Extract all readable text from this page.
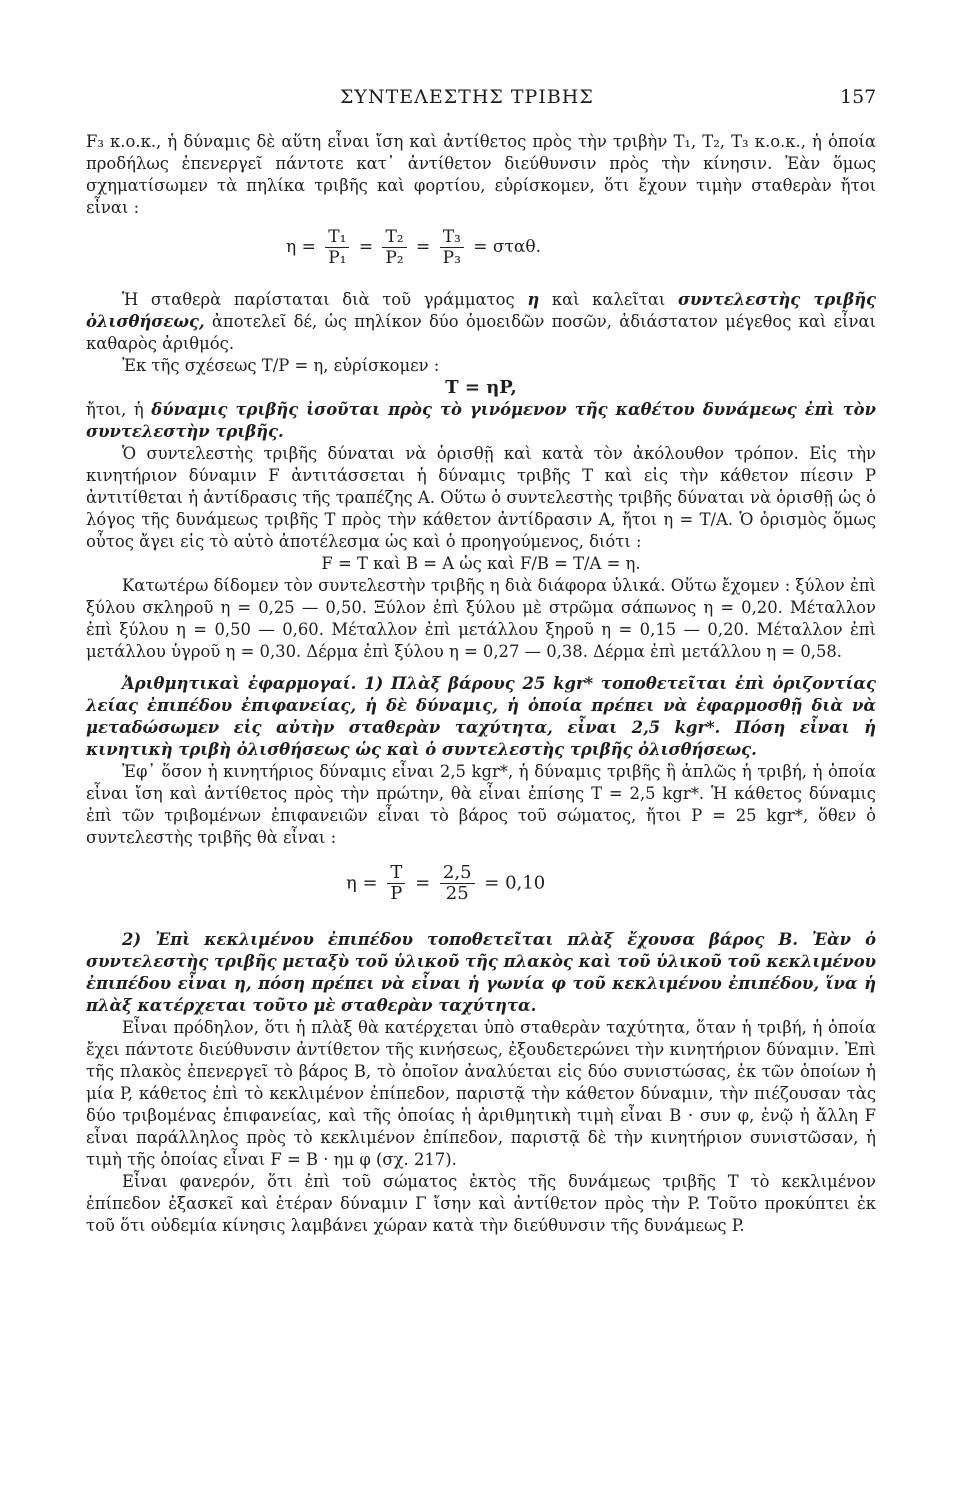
ΣΥΝΤΕΛΕΣΤΗΣ ΤΡΙΒΗΣ	157

F₃ κ.ο.κ., ἡ δύναμις δὲ αὕτη εἶναι ἴση καὶ ἀντίθετος πρὸς τὴν τριβὴν T₁, T₂, T₃ κ.ο.κ., ἡ ὁποία προδήλως ἐπενεργεῖ πάντοτε κατ᾽ ἀντίθετον διεύθυνσιν πρὸς τὴν κίνησιν. Ἐὰν ὅμως σχηματίσωμεν τὰ πηλίκα τριβῆς καὶ φορτίου, εὑρίσκομεν, ὅτι ἔχουν τιμὴν σταθερὰν ἤτοι εἶναι :

$\eta = \frac{\text{T₁}}{\text{P₁}} = \frac{\text{T₂}}{\text{P₂}} = \frac{\text{T₃}}{\text{P₃}} = \sigma\tau\alpha\theta$.

Ἡ σταθερὰ παρίσταται διὰ τοῦ γράμματος η καὶ καλεῖται συντελεστὴς τριβῆς ὀλισθήσεως, ἀποτελεῖ δέ, ὡς πηλίκον δύο ὁμοειδῶν ποσῶν, ἀδιάστατον μέγεθος καὶ εἶναι καθαρὸς ἀριθμός.

Ἐκ τῆς σχέσεως T/P = η, εὑρίσκομεν :

T = ηP,

ἤτοι, ἡ δύναμις τριβῆς ἰσοῦται πρὸς τὸ γινόμενον τῆς καθέτου δυνάμεως ἐπὶ τὸν συντελεστὴν τριβῆς.

Ὁ συντελεστὴς τριβῆς δύναται νὰ ὁρισθῇ καὶ κατὰ τὸν ἀκόλουθον τρόπον. Εἰς τὴν κινητήριον δύναμιν F ἀντιτάσσεται ἡ δύναμις τριβῆς T καὶ εἰς τὴν κάθετον πίεσιν P ἀντιτίθεται ἡ ἀντίδρασις τῆς τραπέζης A. Οὕτω ὁ συντελεστὴς τριβῆς δύναται νὰ ὁρισθῇ ὡς ὁ λόγος τῆς δυνάμεως τριβῆς T πρὸς τὴν κάθετον ἀντίδρασιν A, ἤτοι η = T/A. Ὁ ὁρισμὸς ὅμως οὗτος ἄγει εἰς τὸ αὐτὸ ἀποτέλεσμα ὡς καὶ ὁ προηγούμενος, διότι :

F = T καὶ B = A ὡς καὶ F/B = T/A = η.

Κατωτέρω δίδομεν τὸν συντελεστὴν τριβῆς η διὰ διάφορα ὑλικά. Οὕτω ἔχομεν : ξύλον ἐπὶ ξύλου σκληροῦ η = 0,25 — 0,50. Ξύλον ἐπὶ ξύλου μὲ στρῶμα σάπωνος η = 0,20. Μέταλλον ἐπὶ ξύλου η = 0,50 — 0,60. Μέταλλον ἐπὶ μετάλλου ξηροῦ η = 0,15 — 0,20. Μέταλλον ἐπὶ μετάλλου ὑγροῦ η = 0,30. Δέρμα ἐπὶ ξύλου η = 0,27 — 0,38. Δέρμα ἐπὶ μετάλλου η = 0,58.

Ἀριθμητικαὶ ἐφαρμογαί. 1) Πλὰξ βάρους 25 kgr* τοποθετεῖται ἐπὶ ὁριζοντίας λείας ἐπιπέδου ἐπιφανείας, ἡ δὲ δύναμις, ἡ ὁποία πρέπει νὰ ἐφαρμοσθῇ διὰ νὰ μεταδώσωμεν εἰς αὐτὴν σταθερὰν ταχύτητα, εἶναι 2,5 kgr*. Πόση εἶναι ἡ κινητικὴ τριβὴ ὀλισθήσεως ὡς καὶ ὁ συντελεστὴς τριβῆς ὀλισθήσεως.

Ἐφ᾽ ὅσον ἡ κινητήριος δύναμις εἶναι 2,5 kgr*, ἡ δύναμις τριβῆς ἢ ἁπλῶς ἡ τριβή, ἡ ὁποία εἶναι ἴση καὶ ἀντίθετος πρὸς τὴν πρώτην, θὰ εἶναι ἐπίσης T = 2,5 kgr*. Ἡ κάθετος δύναμις ἐπὶ τῶν τριβομένων ἐπιφανειῶν εἶναι τὸ βάρος τοῦ σώματος, ἤτοι P = 25 kgr*, ὅθεν ὁ συντελεστὴς τριβῆς θὰ εἶναι :

$\eta = \frac{T}{P} = \frac{2,5}{25} = 0,10$

2) Ἐπὶ κεκλιμένου ἐπιπέδου τοποθετεῖται πλὰξ ἔχουσα βάρος B. Ἐὰν ὁ συντελεστὴς τριβῆς μεταξὺ τοῦ ὑλικοῦ τῆς πλακὸς καὶ τοῦ ὑλικοῦ τοῦ κεκλιμένου ἐπιπέδου εἶναι η, πόση πρέπει νὰ εἶναι ἡ γωνία φ τοῦ κεκλιμένου ἐπιπέδου, ἵνα ἡ πλὰξ κατέρχεται τοῦτο μὲ σταθερὰν ταχύτητα.

Εἶναι πρόδηλον, ὅτι ἡ πλὰξ θὰ κατέρχεται ὑπὸ σταθερὰν ταχύτητα, ὅταν ἡ τριβή, ἡ ὁποία ἔχει πάντοτε διεύθυνσιν ἀντίθετον τῆς κινήσεως, ἐξουδετερώνει τὴν κινητήριον δύναμιν. Ἐπὶ τῆς πλακὸς ἐπενεργεῖ τὸ βάρος B, τὸ ὁποῖον ἀναλύεται εἰς δύο συνιστώσας, ἐκ τῶν ὁποίων ἡ μία P, κάθετος ἐπὶ τὸ κεκλιμένον ἐπίπεδον, παριστᾷ τὴν κάθετον δύναμιν, τὴν πιέζουσαν τὰς δύο τριβομένας ἐπιφανείας, καὶ τῆς ὁποίας ἡ ἀριθμητικὴ τιμὴ εἶναι B · συν φ, ἐνῷ ἡ ἄλλη F εἶναι παράλληλος πρὸς τὸ κεκλιμένον ἐπίπεδον, παριστᾷ δὲ τὴν κινητήριον συνιστῶσαν, ἡ τιμὴ τῆς ὁποίας εἶναι F = B · ημ φ (σχ. 217).

Εἶναι φανερόν, ὅτι ἐπὶ τοῦ σώματος ἐκτὸς τῆς δυνάμεως τριβῆς T τὸ κεκλιμένον ἐπίπεδον ἐξασκεῖ καὶ ἑτέραν δύναμιν Γ ἴσην καὶ ἀντίθετον πρὸς τὴν P. Τοῦτο προκύπτει ἐκ τοῦ ὅτι οὐδεμία κίνησις λαμβάνει χώραν κατὰ τὴν διεύθυνσιν τῆς δυνάμεως P.
